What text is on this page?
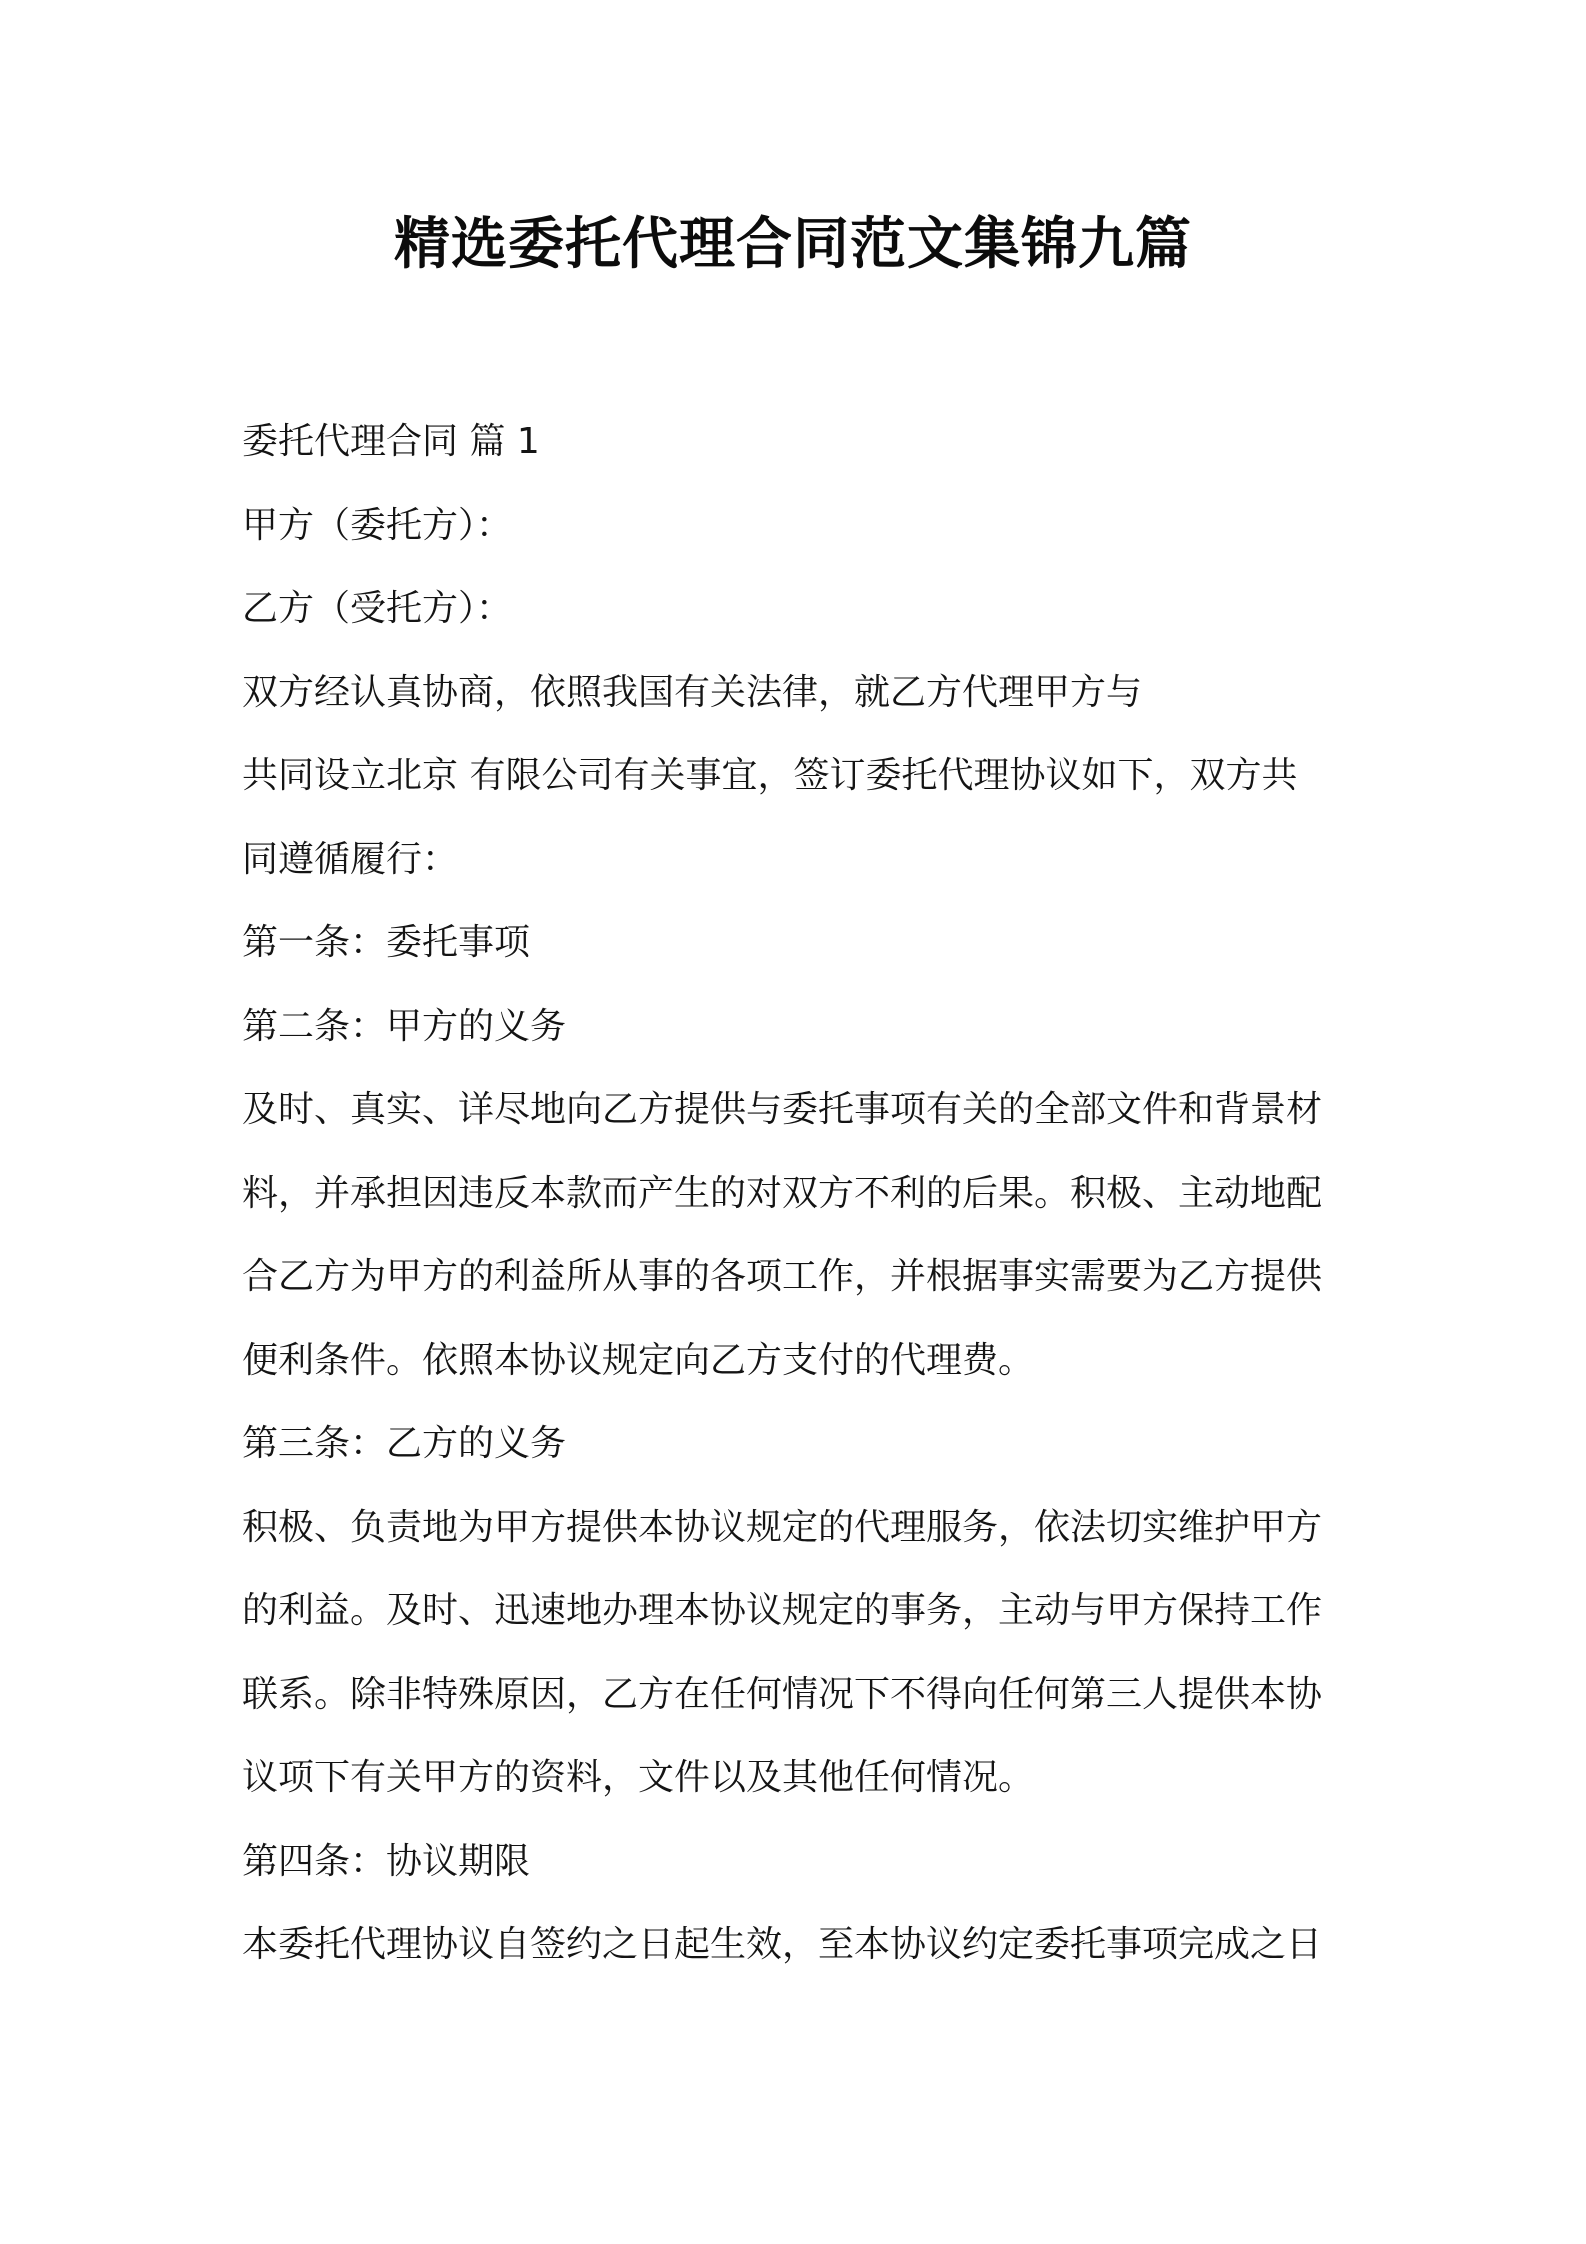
精选委托代理合同范文集锦九篇
委托代理合同 篇 1
甲方（委托方）：
乙方（受托方）：
双方经认真协商，依照我国有关法律，就乙方代理甲方与
共同设立北京 有限公司有关事宜，签订委托代理协议如下，双方共
同遵循履行：
第一条：委托事项
第二条：甲方的义务
及时、真实、详尽地向乙方提供与委托事项有关的全部文件和背景材
料，并承担因违反本款而产生的对双方不利的后果。积极、主动地配
合乙方为甲方的利益所从事的各项工作，并根据事实需要为乙方提供
便利条件。依照本协议规定向乙方支付的代理费。
第三条：乙方的义务
积极、负责地为甲方提供本协议规定的代理服务，依法切实维护甲方
的利益。及时、迅速地办理本协议规定的事务，主动与甲方保持工作
联系。除非特殊原因，乙方在任何情况下不得向任何第三人提供本协
议项下有关甲方的资料，文件以及其他任何情况。
第四条：协议期限
本委托代理协议自签约之日起生效，至本协议约定委托事项完成之日
